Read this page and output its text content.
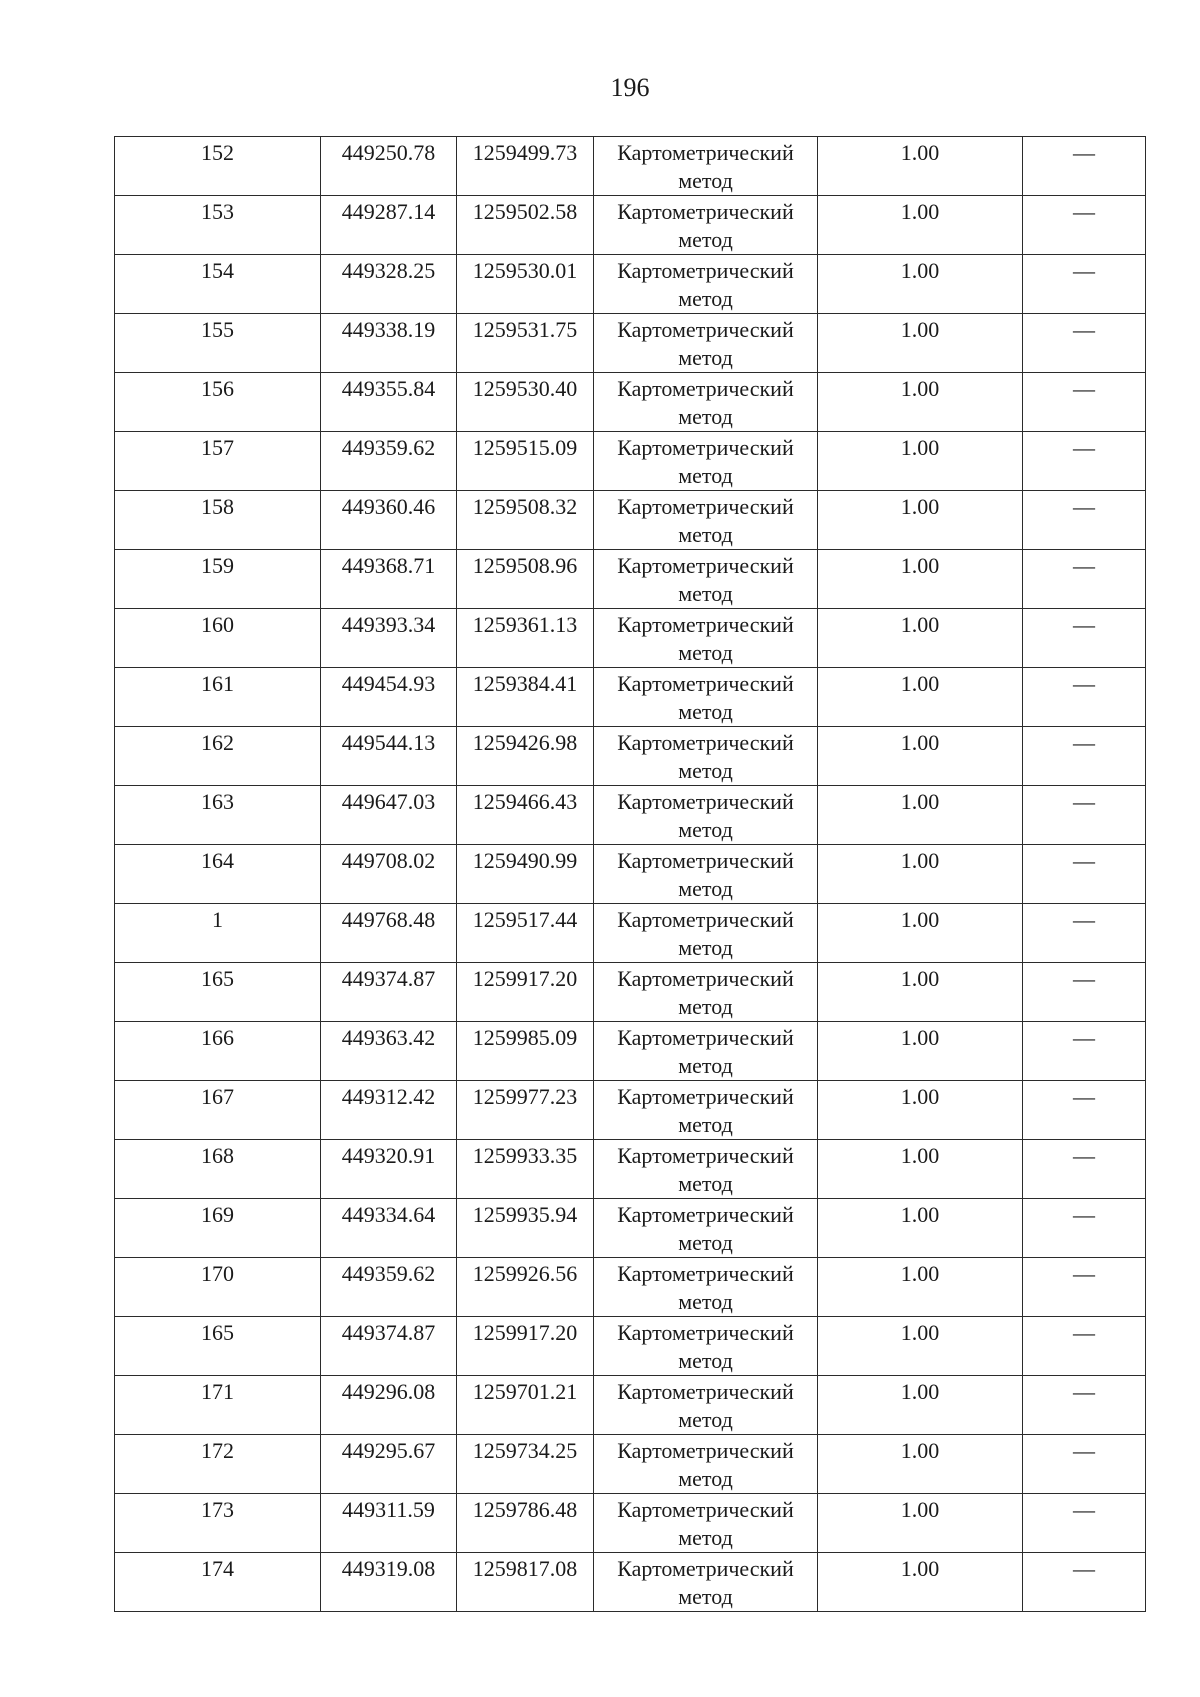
196
152	449250.78	1259499.73	Картометрический
метод	1.00	—

153	449287.14	1259502.58	Картометрический
метод	1.00	—

154	449328.25	1259530.01	Картометрический
метод	1.00	—

155	449338.19	1259531.75	Картометрический
метод	1.00	—

156	449355.84	1259530.40	Картометрический
метод	1.00	—

157	449359.62	1259515.09	Картометрический
метод	1.00	—

158	449360.46	1259508.32	Картометрический
метод	1.00	—

159	449368.71	1259508.96	Картометрический
метод	1.00	—

160	449393.34	1259361.13	Картометрический
метод	1.00	—

161	449454.93	1259384.41	Картометрический
метод	1.00	—

162	449544.13	1259426.98	Картометрический
метод	1.00	—

163	449647.03	1259466.43	Картометрический
метод	1.00	—

164	449708.02	1259490.99	Картометрический
метод	1.00	—

1	449768.48	1259517.44	Картометрический
метод	1.00	—

165	449374.87	1259917.20	Картометрический
метод	1.00	—

166	449363.42	1259985.09	Картометрический
метод	1.00	—

167	449312.42	1259977.23	Картометрический
метод	1.00	—

168	449320.91	1259933.35	Картометрический
метод	1.00	—

169	449334.64	1259935.94	Картометрический
метод	1.00	—

170	449359.62	1259926.56	Картометрический
метод	1.00	—

165	449374.87	1259917.20	Картометрический
метод	1.00	—

171	449296.08	1259701.21	Картометрический
метод	1.00	—

172	449295.67	1259734.25	Картометрический
метод	1.00	—

173	449311.59	1259786.48	Картометрический
метод	1.00	—

174	449319.08	1259817.08	Картометрический
метод	1.00	—
